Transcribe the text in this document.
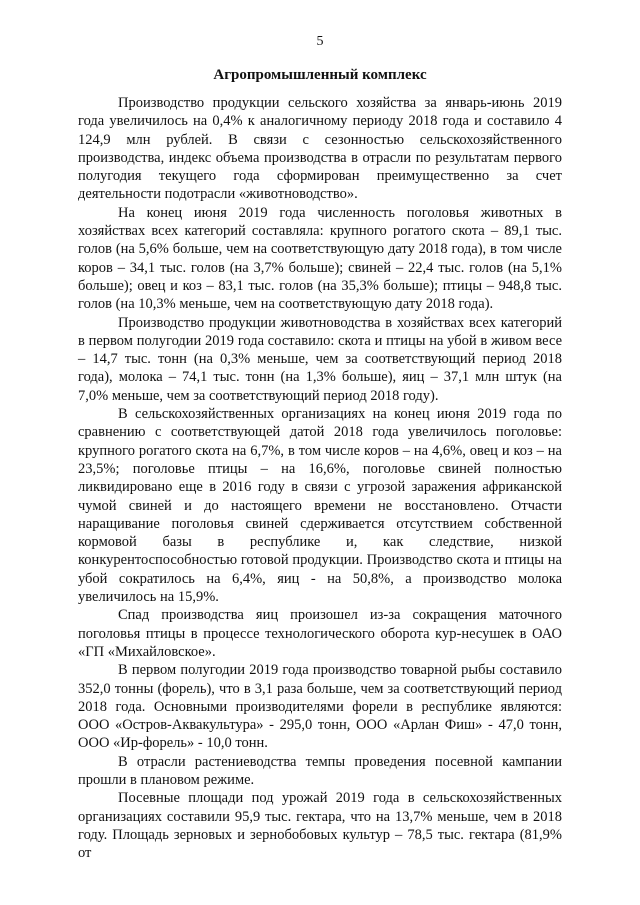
5
Агропромышленный комплекс

Производство продукции сельского хозяйства за январь-июнь 2019 года увеличилось на 0,4% к аналогичному периоду 2018 года и составило 4 124,9 млн рублей. В связи с сезонностью сельскохозяйственного производства, индекс объема производства в отрасли по результатам первого полугодия текущего года сформирован преимущественно за счет деятельности подотрасли «животноводство».

На конец июня 2019 года численность поголовья животных в хозяйствах всех категорий составляла: крупного рогатого скота – 89,1 тыс. голов (на 5,6% больше, чем на соответствующую дату 2018 года), в том числе коров – 34,1 тыс. голов (на 3,7% больше); свиней – 22,4 тыс. голов (на 5,1% больше); овец и коз – 83,1 тыс. голов (на 35,3% больше); птицы – 948,8 тыс. голов (на 10,3% меньше, чем на соответствующую дату 2018 года).

Производство продукции животноводства в хозяйствах всех категорий в первом полугодии 2019 года составило: скота и птицы на убой в живом весе – 14,7 тыс. тонн (на 0,3% меньше, чем за соответствующий период 2018 года), молока – 74,1 тыс. тонн (на 1,3% больше), яиц – 37,1 млн штук (на 7,0% меньше, чем за соответствующий период 2018 году).

В сельскохозяйственных организациях на конец июня 2019 года по сравнению с соответствующей датой 2018 года увеличилось поголовье: крупного рогатого скота на 6,7%, в том числе коров – на 4,6%, овец и коз – на 23,5%; поголовье птицы – на 16,6%, поголовье свиней полностью ликвидировано еще в 2016 году в связи с угрозой заражения африканской чумой свиней и до настоящего времени не восстановлено. Отчасти наращивание поголовья свиней сдерживается отсутствием собственной кормовой базы в республике и, как следствие, низкой конкурентоспособностью готовой продукции. Производство скота и птицы на убой сократилось на 6,4%, яиц - на 50,8%, а производство молока увеличилось на 15,9%.

Спад производства яиц произошел из-за сокращения маточного поголовья птицы в процессе технологического оборота кур-несушек в ОАО «ГП «Михайловское».

В первом полугодии 2019 года производство товарной рыбы составило 352,0 тонны (форель), что в 3,1 раза больше, чем за соответствующий период 2018 года. Основными производителями форели в республике являются: ООО «Остров-Аквакультура» - 295,0 тонн, ООО «Арлан Фиш» - 47,0 тонн, ООО «Ир-форель» - 10,0 тонн.

В отрасли растениеводства темпы проведения посевной кампании прошли в плановом режиме.

Посевные площади под урожай 2019 года в сельскохозяйственных организациях составили 95,9 тыс. гектара, что на 13,7% меньше, чем в 2018 году. Площадь зерновых и зернобобовых культур – 78,5 тыс. гектара (81,9% от
